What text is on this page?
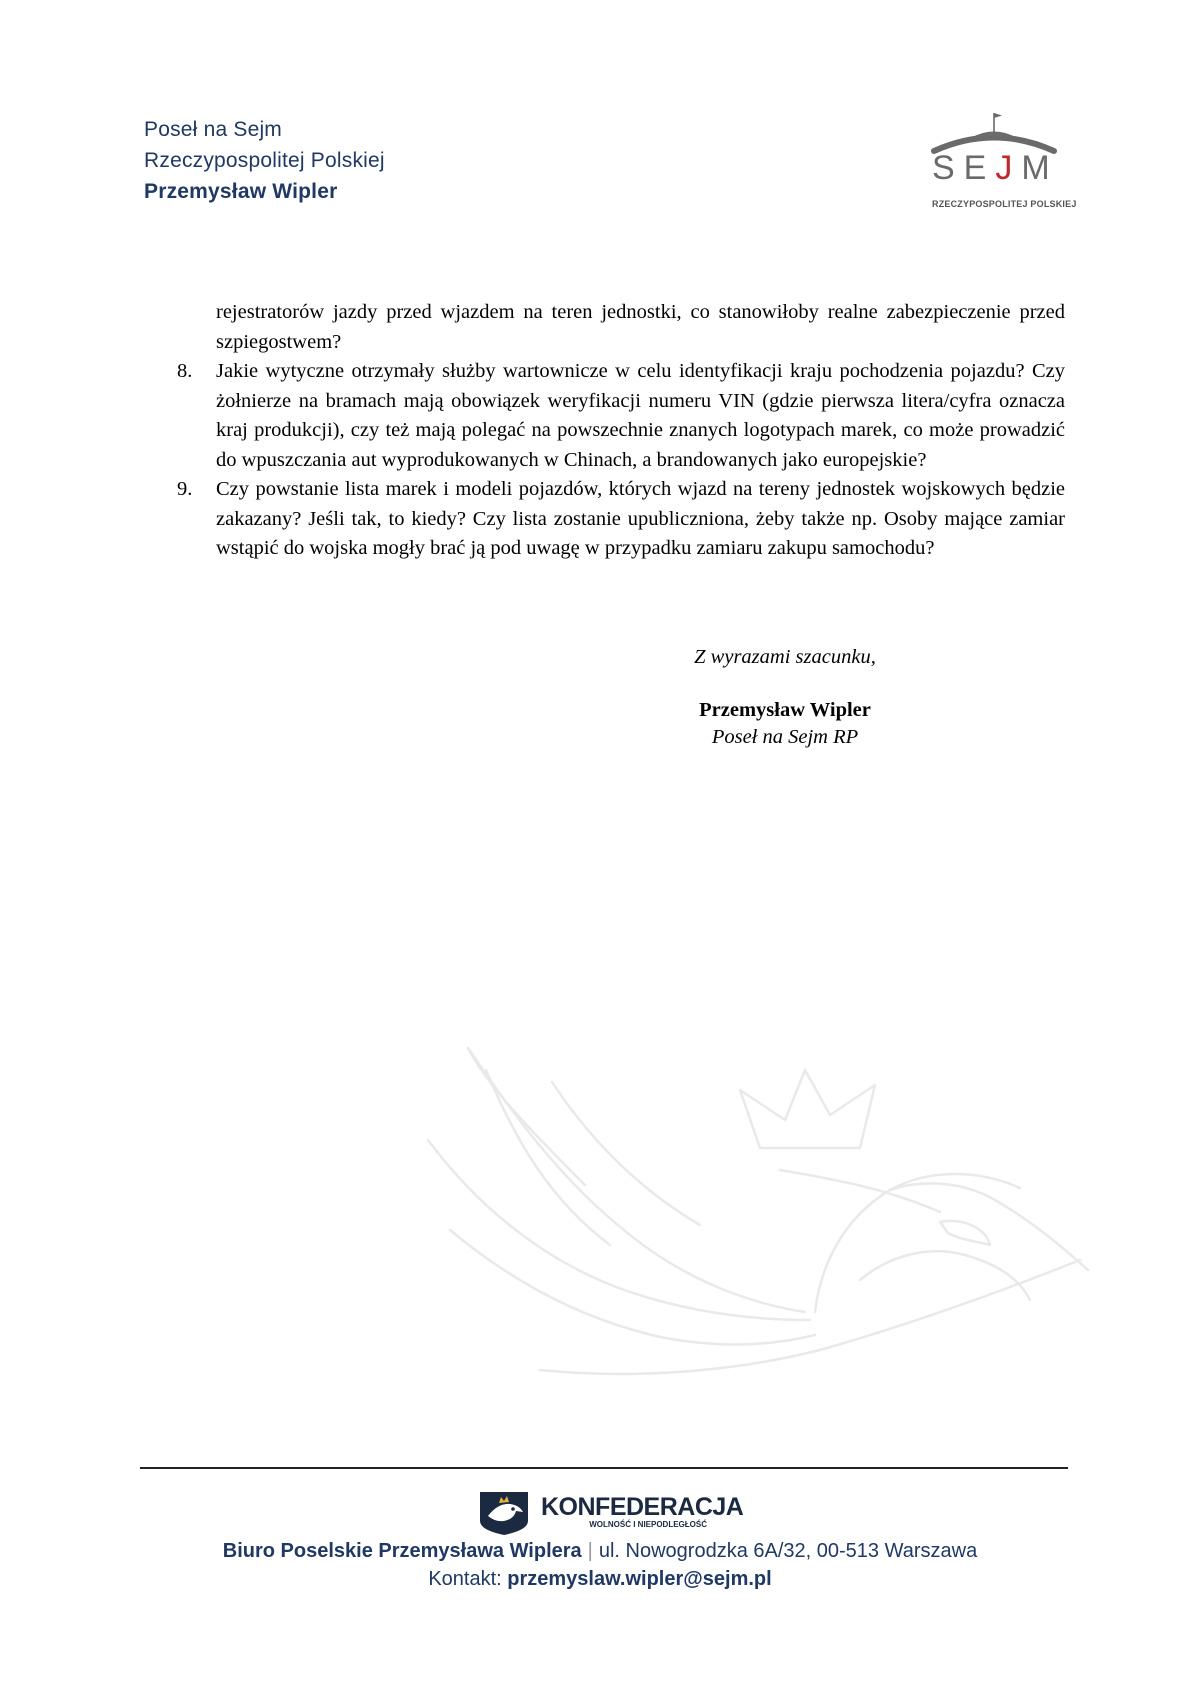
Poseł na Sejm
Rzeczypospolitej Polskiej
Przemysław Wipler
SEJM
RZECZYPOSPOLITEJ POLSKIEJ

rejestratorów jazdy przed wjazdem na teren jednostki, co stanowiłoby realne zabezpieczenie przed szpiegostwem?

8. Jakie wytyczne otrzymały służby wartownicze w celu identyfikacji kraju pochodzenia pojazdu? Czy żołnierze na bramach mają obowiązek weryfikacji numeru VIN (gdzie pierwsza litera/cyfra oznacza kraj produkcji), czy też mają polegać na powszechnie znanych logotypach marek, co może prowadzić do wpuszczania aut wyprodukowanych w Chinach, a brandowanych jako europejskie?
9. Czy powstanie lista marek i modeli pojazdów, których wjazd na tereny jednostek wojskowych będzie zakazany? Jeśli tak, to kiedy? Czy lista zostanie upubliczniona, żeby także np. Osoby mające zamiar wstąpić do wojska mogły brać ją pod uwagę w przypadku zamiaru zakupu samochodu?
Z wyrazami szacunku,
Przemysław Wipler
Poseł na Sejm RP
KONFEDERACJA
WOLNOŚĆ I NIEPODLEGŁOŚĆ
Biuro Poselskie Przemysława Wiplera | ul. Nowogrodzka 6A/32, 00-513 Warszawa
Kontakt: przemyslaw.wipler@sejm.pl
